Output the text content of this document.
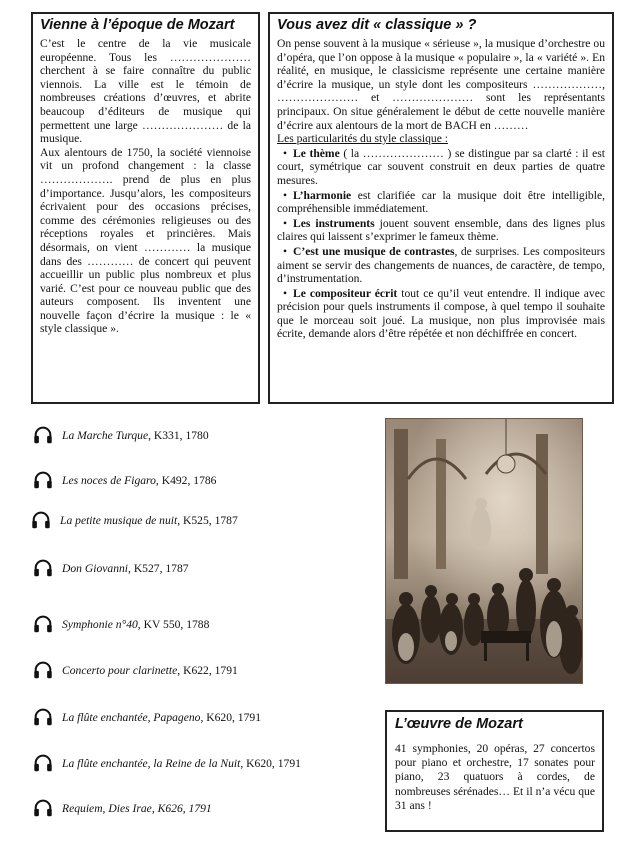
Vienne à l’époque de Mozart

C’est le centre de la vie musicale européenne. Tous les ………………… cherchent à se faire connaître du public viennois. La ville est le témoin de nombreuses créations d’œuvres, et abrite beaucoup d’éditeurs de musique qui permettent une large ………………… de la musique.

Aux alentours de 1750, la société viennoise vit un profond changement : la classe ………………. prend de plus en plus d’importance. Jusqu’alors, les compositeurs écrivaient pour des occasions précises, comme des cérémonies religieuses ou des réceptions royales et princières. Mais désormais, on vient ………… la musique dans des ………… de concert qui peuvent accueillir un public plus nombreux et plus varié. C’est pour ce nouveau public que des auteurs composent. Ils inventent une nouvelle façon d’écrire la musique : le « style classique ».

Vous avez dit « classique » ?

On pense souvent à la musique « sérieuse », la musique d’orchestre ou d’opéra, que l’on oppose à la musique « populaire », la « variété ». En réalité, en musique, le classicisme représente une certaine manière d’écrire la musique, un style dont les compositeurs ………………, ………………… et ………………… sont les représentants principaux. On situe généralement le début de cette nouvelle manière d’écrire aux alentours de la mort de BACH en ………

Les particularités du style classique :

• Le thème ( la ………………… ) se distingue par sa clarté : il est court, symétrique car souvent construit en deux parties de quatre mesures.

• L’harmonie est clarifiée car la musique doit être intelligible, compréhensible immédiatement.

• Les instruments jouent souvent ensemble, dans des lignes plus claires qui laissent s’exprimer le fameux thème.

• C’est une musique de contrastes, de surprises. Les compositeurs aiment se servir des changements de nuances, de caractère, de tempo, d’instrumentation.

• Le compositeur écrit tout ce qu’il veut entendre. Il indique avec précision pour quels instruments il compose, à quel tempo il souhaite que le morceau soit joué. La musique, non plus improvisée mais écrite, demande alors d’être répétée et non déchiffrée en concert.

La Marche Turque, K331, 1780
Les noces de Figaro, K492, 1786
La petite musique de nuit, K525, 1787
Don Giovanni, K527, 1787
Symphonie n°40, KV 550, 1788
Concerto pour clarinette, K622, 1791
La flûte enchantée, Papageno, K620, 1791
La flûte enchantée, la Reine de la Nuit, K620, 1791
Requiem, Dies Irae, K626, 1791
L’œuvre de Mozart

41 symphonies, 20 opéras, 27 concertos pour piano et orchestre, 17 sonates pour piano, 23 quatuors à cordes, de nombreuses sérénades… Et il n’a vécu que 31 ans !
